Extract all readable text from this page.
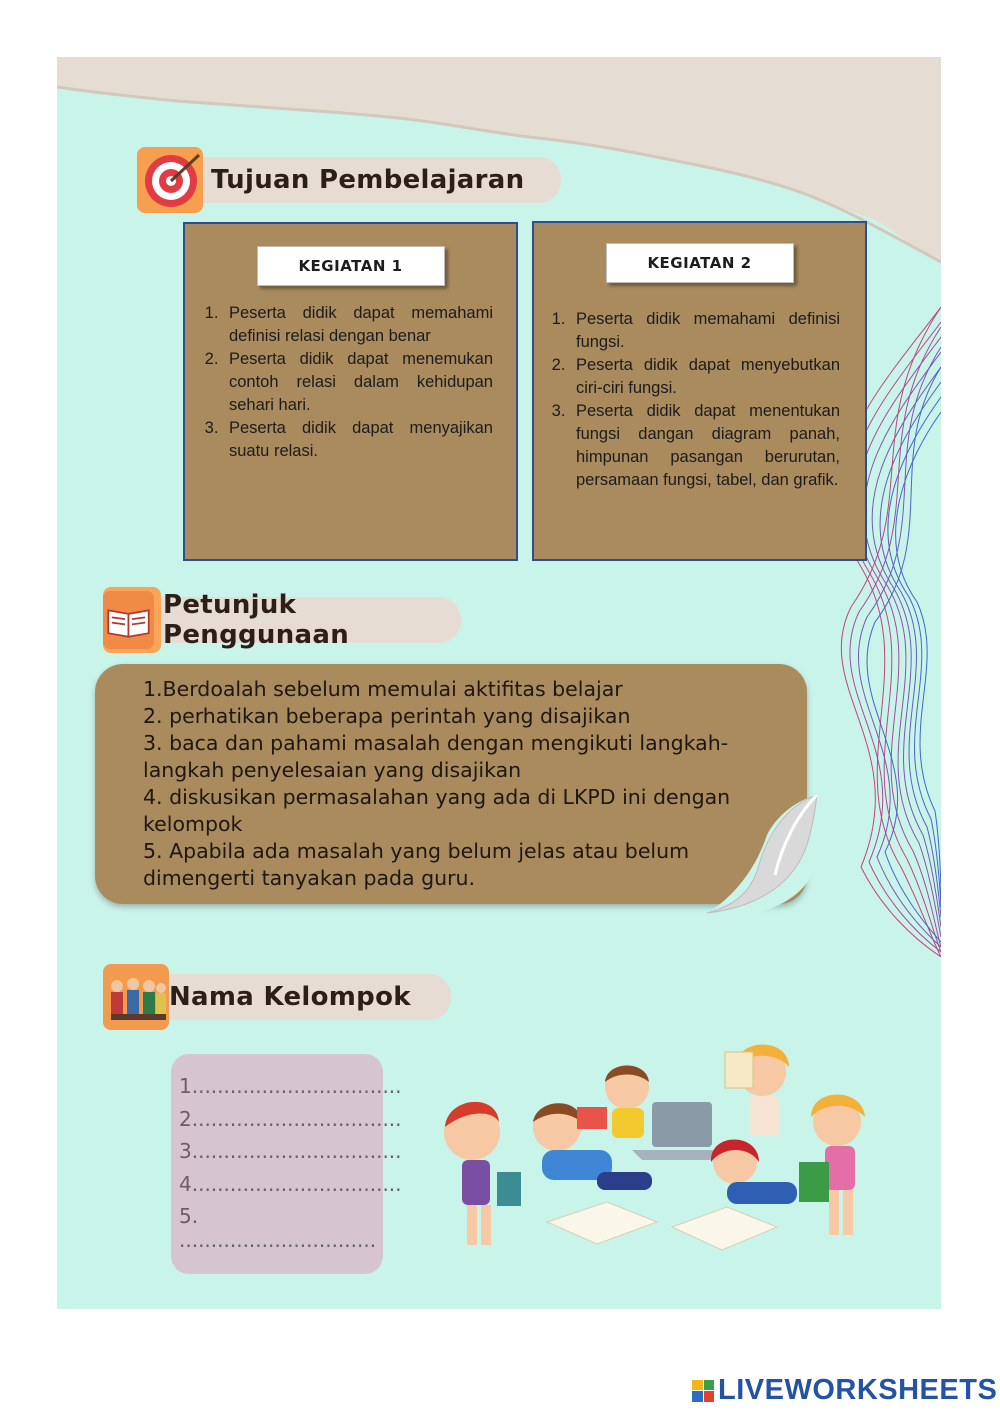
Tujuan Pembelajaran
KEGIATAN 1
1. Peserta didik dapat memahami definisi relasi dengan benar
2. Peserta didik dapat menemukan contoh relasi dalam kehidupan sehari hari.
3. Peserta didik dapat menyajikan suatu relasi.
KEGIATAN 2
1. Peserta didik memahami definisi fungsi.
2. Peserta didik dapat menyebutkan ciri-ciri fungsi.
3. Peserta didik dapat menentukan fungsi dangan diagram panah, himpunan pasangan berurutan, persamaan fungsi, tabel, dan grafik.
Petunjuk Penggunaan

1.Berdoalah sebelum memulai aktifitas belajar
2. perhatikan beberapa perintah yang disajikan
3. baca dan pahami masalah dengan mengikuti langkah-
langkah penyelesaian yang disajikan
4. diskusikan permasalahan yang ada di LKPD ini dengan
kelompok
5. Apabila ada masalah yang belum jelas atau belum
dimengerti tanyakan pada guru.

Nama Kelompok
1.................................
2.................................
3.................................
4.................................
5. ...............................
LIVEWORKSHEETS
